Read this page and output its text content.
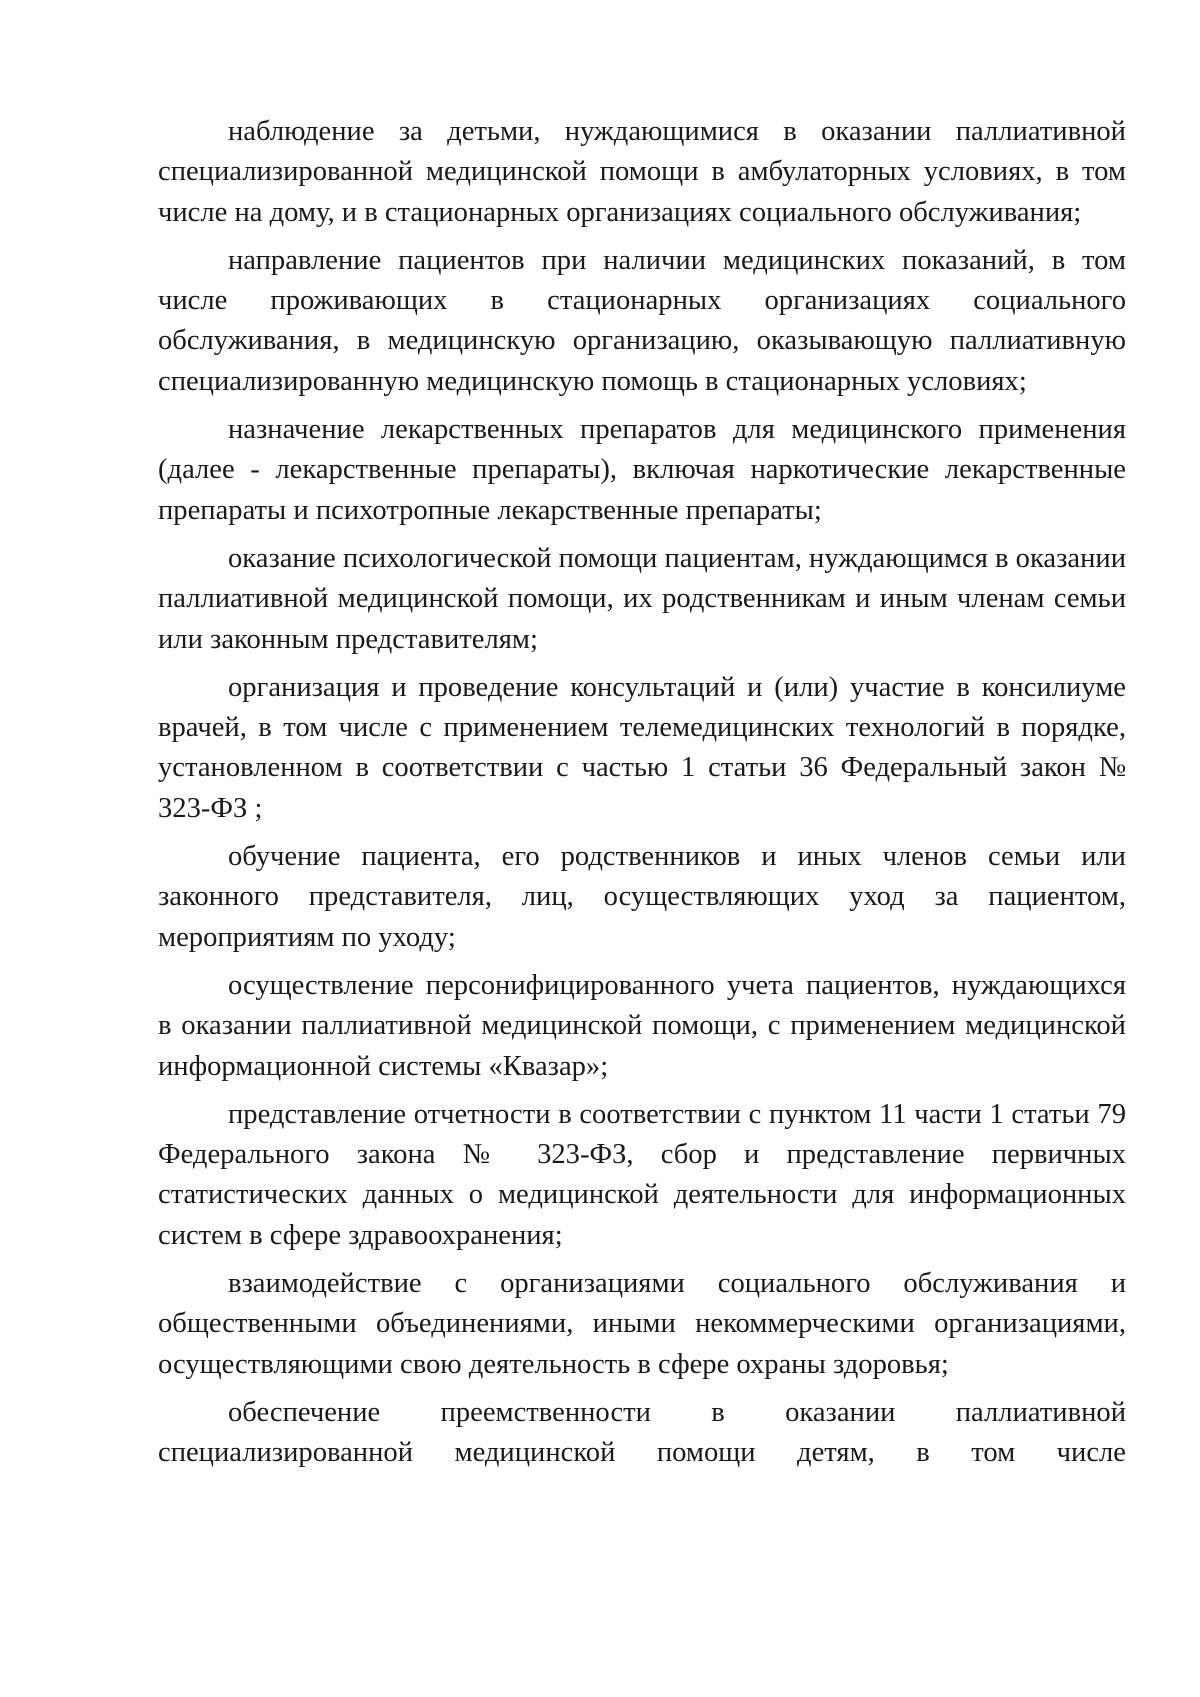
наблюдение за детьми, нуждающимися в оказании паллиативной специализированной медицинской помощи в амбулаторных условиях, в том числе на дому, и в стационарных организациях социального обслуживания;

направление пациентов при наличии медицинских показаний, в том числе проживающих в стационарных организациях социального обслуживания, в медицинскую организацию, оказывающую паллиативную специализированную медицинскую помощь в стационарных условиях;

назначение лекарственных препаратов для медицинского применения (далее - лекарственные препараты), включая наркотические лекарственные препараты и психотропные лекарственные препараты;

оказание психологической помощи пациентам, нуждающимся в оказании паллиативной медицинской помощи, их родственникам и иным членам семьи или законным представителям;

организация и проведение консультаций и (или) участие в консилиуме врачей, в том числе с применением телемедицинских технологий в порядке, установленном в соответствии с частью 1 статьи 36 Федеральный закон № 323-ФЗ ;

обучение пациента, его родственников и иных членов семьи или законного представителя, лиц, осуществляющих уход за пациентом, мероприятиям по уходу;

осуществление персонифицированного учета пациентов, нуждающихся в оказании паллиативной медицинской помощи, с применением медицинской информационной системы «Квазар»;

представление отчетности в соответствии с пунктом 11 части 1 статьи 79 Федерального закона № 323-ФЗ, сбор и представление первичных статистических данных о медицинской деятельности для информационных систем в сфере здравоохранения;

взаимодействие с организациями социального обслуживания и общественными объединениями, иными некоммерческими организациями, осуществляющими свою деятельность в сфере охраны здоровья;

обеспечение преемственности в оказании паллиативной специализированной медицинской помощи детям, в том числе
